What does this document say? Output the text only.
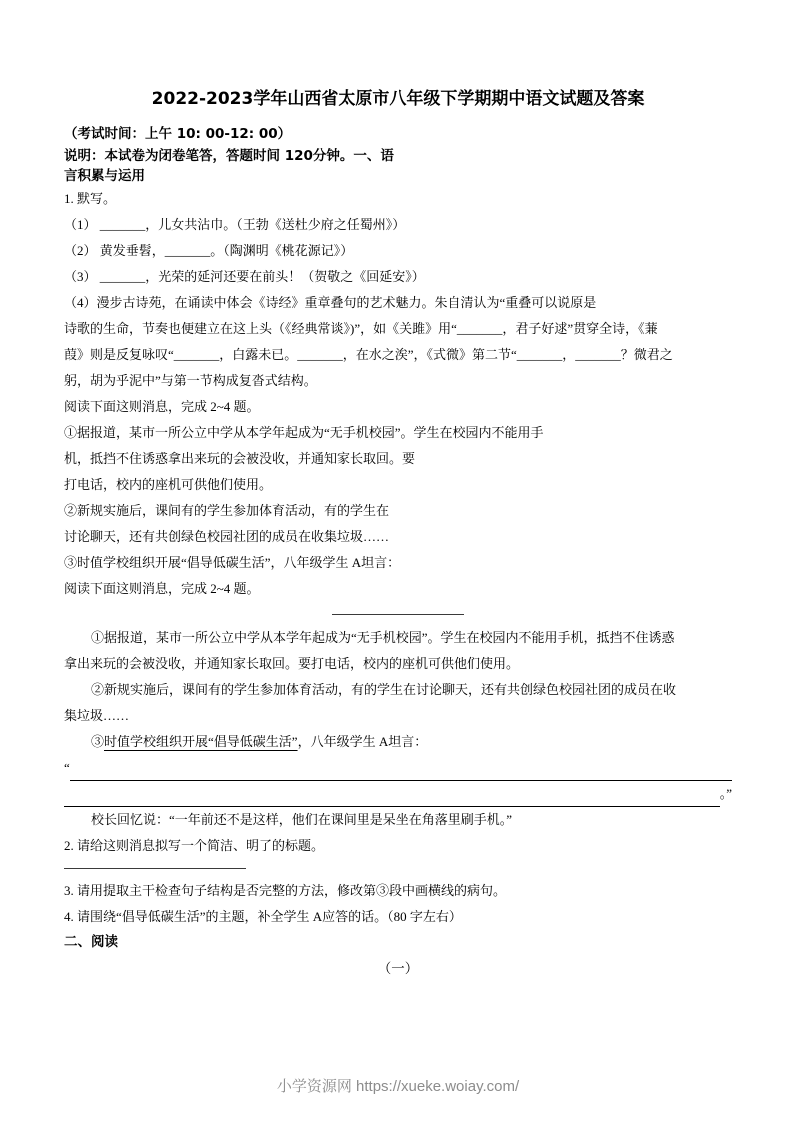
2022-2023学年山西省太原市八年级下学期期中语文试题及答案
（考试时间：上午 10: 00-12: 00）
说明：本试卷为闭卷笔答，答题时间 120分钟。一、语
言积累与运用
1. 默写。
（1） _______，儿女共沾巾。（王勃《送杜少府之任蜀州》）
（2） 黄发垂髫，_______。（陶渊明《桃花源记》）
（3） _______，光荣的延河还要在前头！（贺敬之《回延安》）
（4）漫步古诗苑，在诵读中体会《诗经》重章叠句的艺术魅力。朱自清认为“重叠可以说原是
诗歌的生命，节奏也便建立在这上头（《经典常谈》)”，如《关雎》用“_______，君子好逑”贯穿全诗，《蒹
葭》则是反复咏叹“_______，白露未已。_______，在水之涘”，《式微》第二节“_______，_______？微君之
躬，胡为乎泥中”与第一节构成复沓式结构。
阅读下面这则消息，完成 2~4 题。
①据报道，某市一所公立中学从本学年起成为“无手机校园”。学生在校园内不能用手
机，抵挡不住诱惑拿出来玩的会被没收，并通知家长取回。要
打电话，校内的座机可供他们使用。
②新规实施后，课间有的学生参加体育活动，有的学生在
讨论聊天，还有共创绿色校园社团的成员在收集垃圾……
③时值学校组织开展“倡导低碳生活”，八年级学生 A坦言：
阅读下面这则消息，完成 2~4 题。
①据报道，某市一所公立中学从本学年起成为“无手机校园”。学生在校园内不能用手机，抵挡不住诱惑
拿出来玩的会被没收，并通知家长取回。要打电话，校内的座机可供他们使用。
②新规实施后，课间有的学生参加体育活动，有的学生在讨论聊天，还有共创绿色校园社团的成员在收
集垃圾……
③时值学校组织开展“倡导低碳生活”，八年级学生 A坦言：
“
。”
校长回忆说：“一年前还不是这样，他们在课间里是呆坐在角落里刷手机。”
2. 请给这则消息拟写一个简洁、明了的标题。
3. 请用提取主干检查句子结构是否完整的方法，修改第③段中画横线的病句。
4. 请围绕“倡导低碳生活”的主题，补全学生 A应答的话。（80 字左右）
二、阅读
（一）
小学资源网 https://xueke.woiay.com/
